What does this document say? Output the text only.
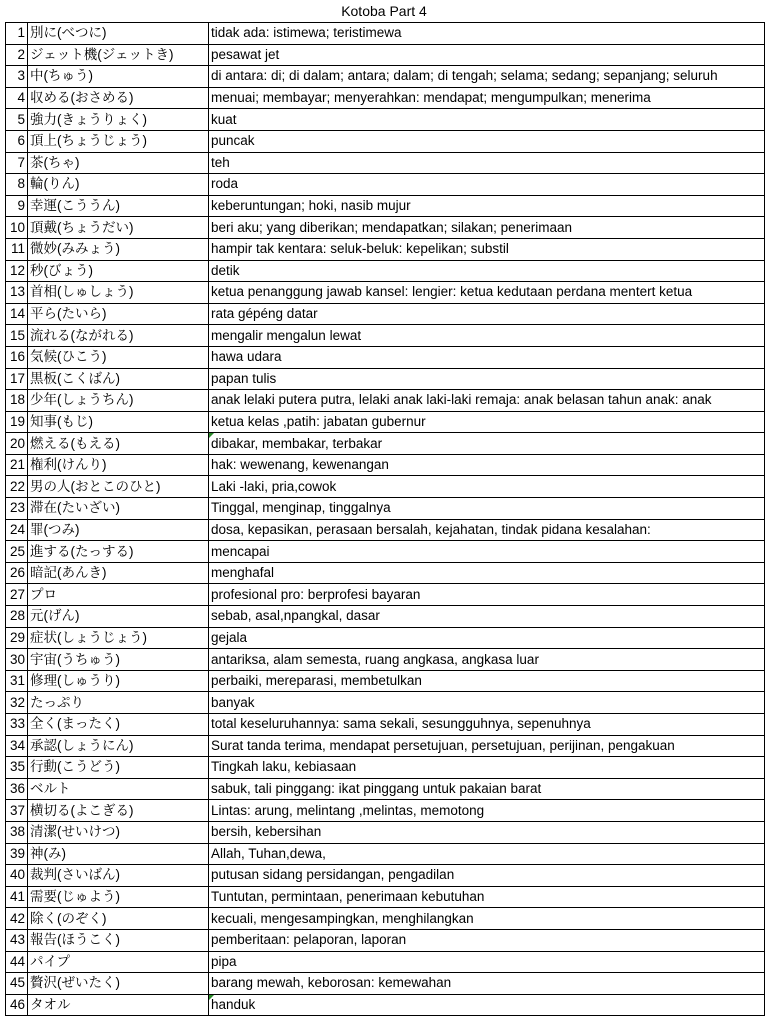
Kotoba Part 4
1	別に(べつに)	tidak ada: istimewa; teristimewa
2	ジェット機(ジェットき)	pesawat jet
3	中(ちゅう)	di antara: di; di dalam; antara; dalam; di tengah; selama; sedang; sepanjang; seluruh
4	収める(おさめる)	menuai; membayar; menyerahkan: mendapat; mengumpulkan; menerima
5	強力(きょうりょく)	kuat
6	頂上(ちょうじょう)	puncak
7	茶(ちゃ)	teh
8	輪(りん)	roda
9	幸運(こううん)	keberuntungan; hoki, nasib mujur
10	頂戴(ちょうだい)	beri aku; yang diberikan; mendapatkan; silakan; penerimaan
11	微妙(みみょう)	hampir tak kentara: seluk-beluk: kepelikan; substil
12	秒(びょう)	detik
13	首相(しゅしょう)	ketua penanggung jawab kansel: lengier: ketua kedutaan perdana mentert ketua
14	平ら(たいら)	rata gépéng datar
15	流れる(ながれる)	mengalir mengalun lewat
16	気候(ひこう)	hawa udara
17	黒板(こくばん)	papan tulis
18	少年(しょうちん)	anak lelaki putera putra, lelaki anak laki-laki remaja: anak belasan tahun anak: anak
19	知事(もじ)	ketua kelas ,patih: jabatan gubernur
20	燃える(もえる)	dibakar, membakar, terbakar
21	権利(けんり)	hak: wewenang, kewenangan
22	男の人(おとこのひと)	Laki -laki, pria,cowok
23	滞在(たいざい)	Tinggal, menginap, tinggalnya
24	罪(つみ)	dosa, kepasikan, perasaan bersalah, kejahatan, tindak pidana kesalahan:
25	進する(たっする)	mencapai
26	暗記(あんき)	menghafal
27	プロ	profesional pro: berprofesi bayaran
28	元(げん)	sebab, asal,npangkal, dasar
29	症状(しょうじょう)	gejala
30	宇宙(うちゅう)	antariksa, alam semesta, ruang angkasa, angkasa luar
31	修理(しゅうり)	perbaiki, mereparasi, membetulkan
32	たっぷり	banyak
33	全く(まったく)	total keseluruhannya: sama sekali, sesungguhnya, sepenuhnya
34	承認(しょうにん)	Surat tanda terima, mendapat persetujuan, persetujuan, perijinan, pengakuan
35	行動(こうどう)	Tingkah laku, kebiasaan
36	ベルト	sabuk, tali pinggang: ikat pinggang untuk pakaian barat
37	横切る(よこぎる)	Lintas: arung, melintang ,melintas, memotong
38	清潔(せいけつ)	bersih, kebersihan
39	神(み)	Allah, Tuhan,dewa,
40	裁判(さいばん)	putusan sidang persidangan, pengadilan
41	需要(じゅよう)	Tuntutan, permintaan, penerimaan kebutuhan
42	除く(のぞく)	kecuali, mengesampingkan, menghilangkan
43	報告(ほうこく)	pemberitaan: pelaporan, laporan
44	パイプ	pipa
45	贅沢(ぜいたく)	barang mewah, keborosan: kemewahan
46	タオル	handuk
